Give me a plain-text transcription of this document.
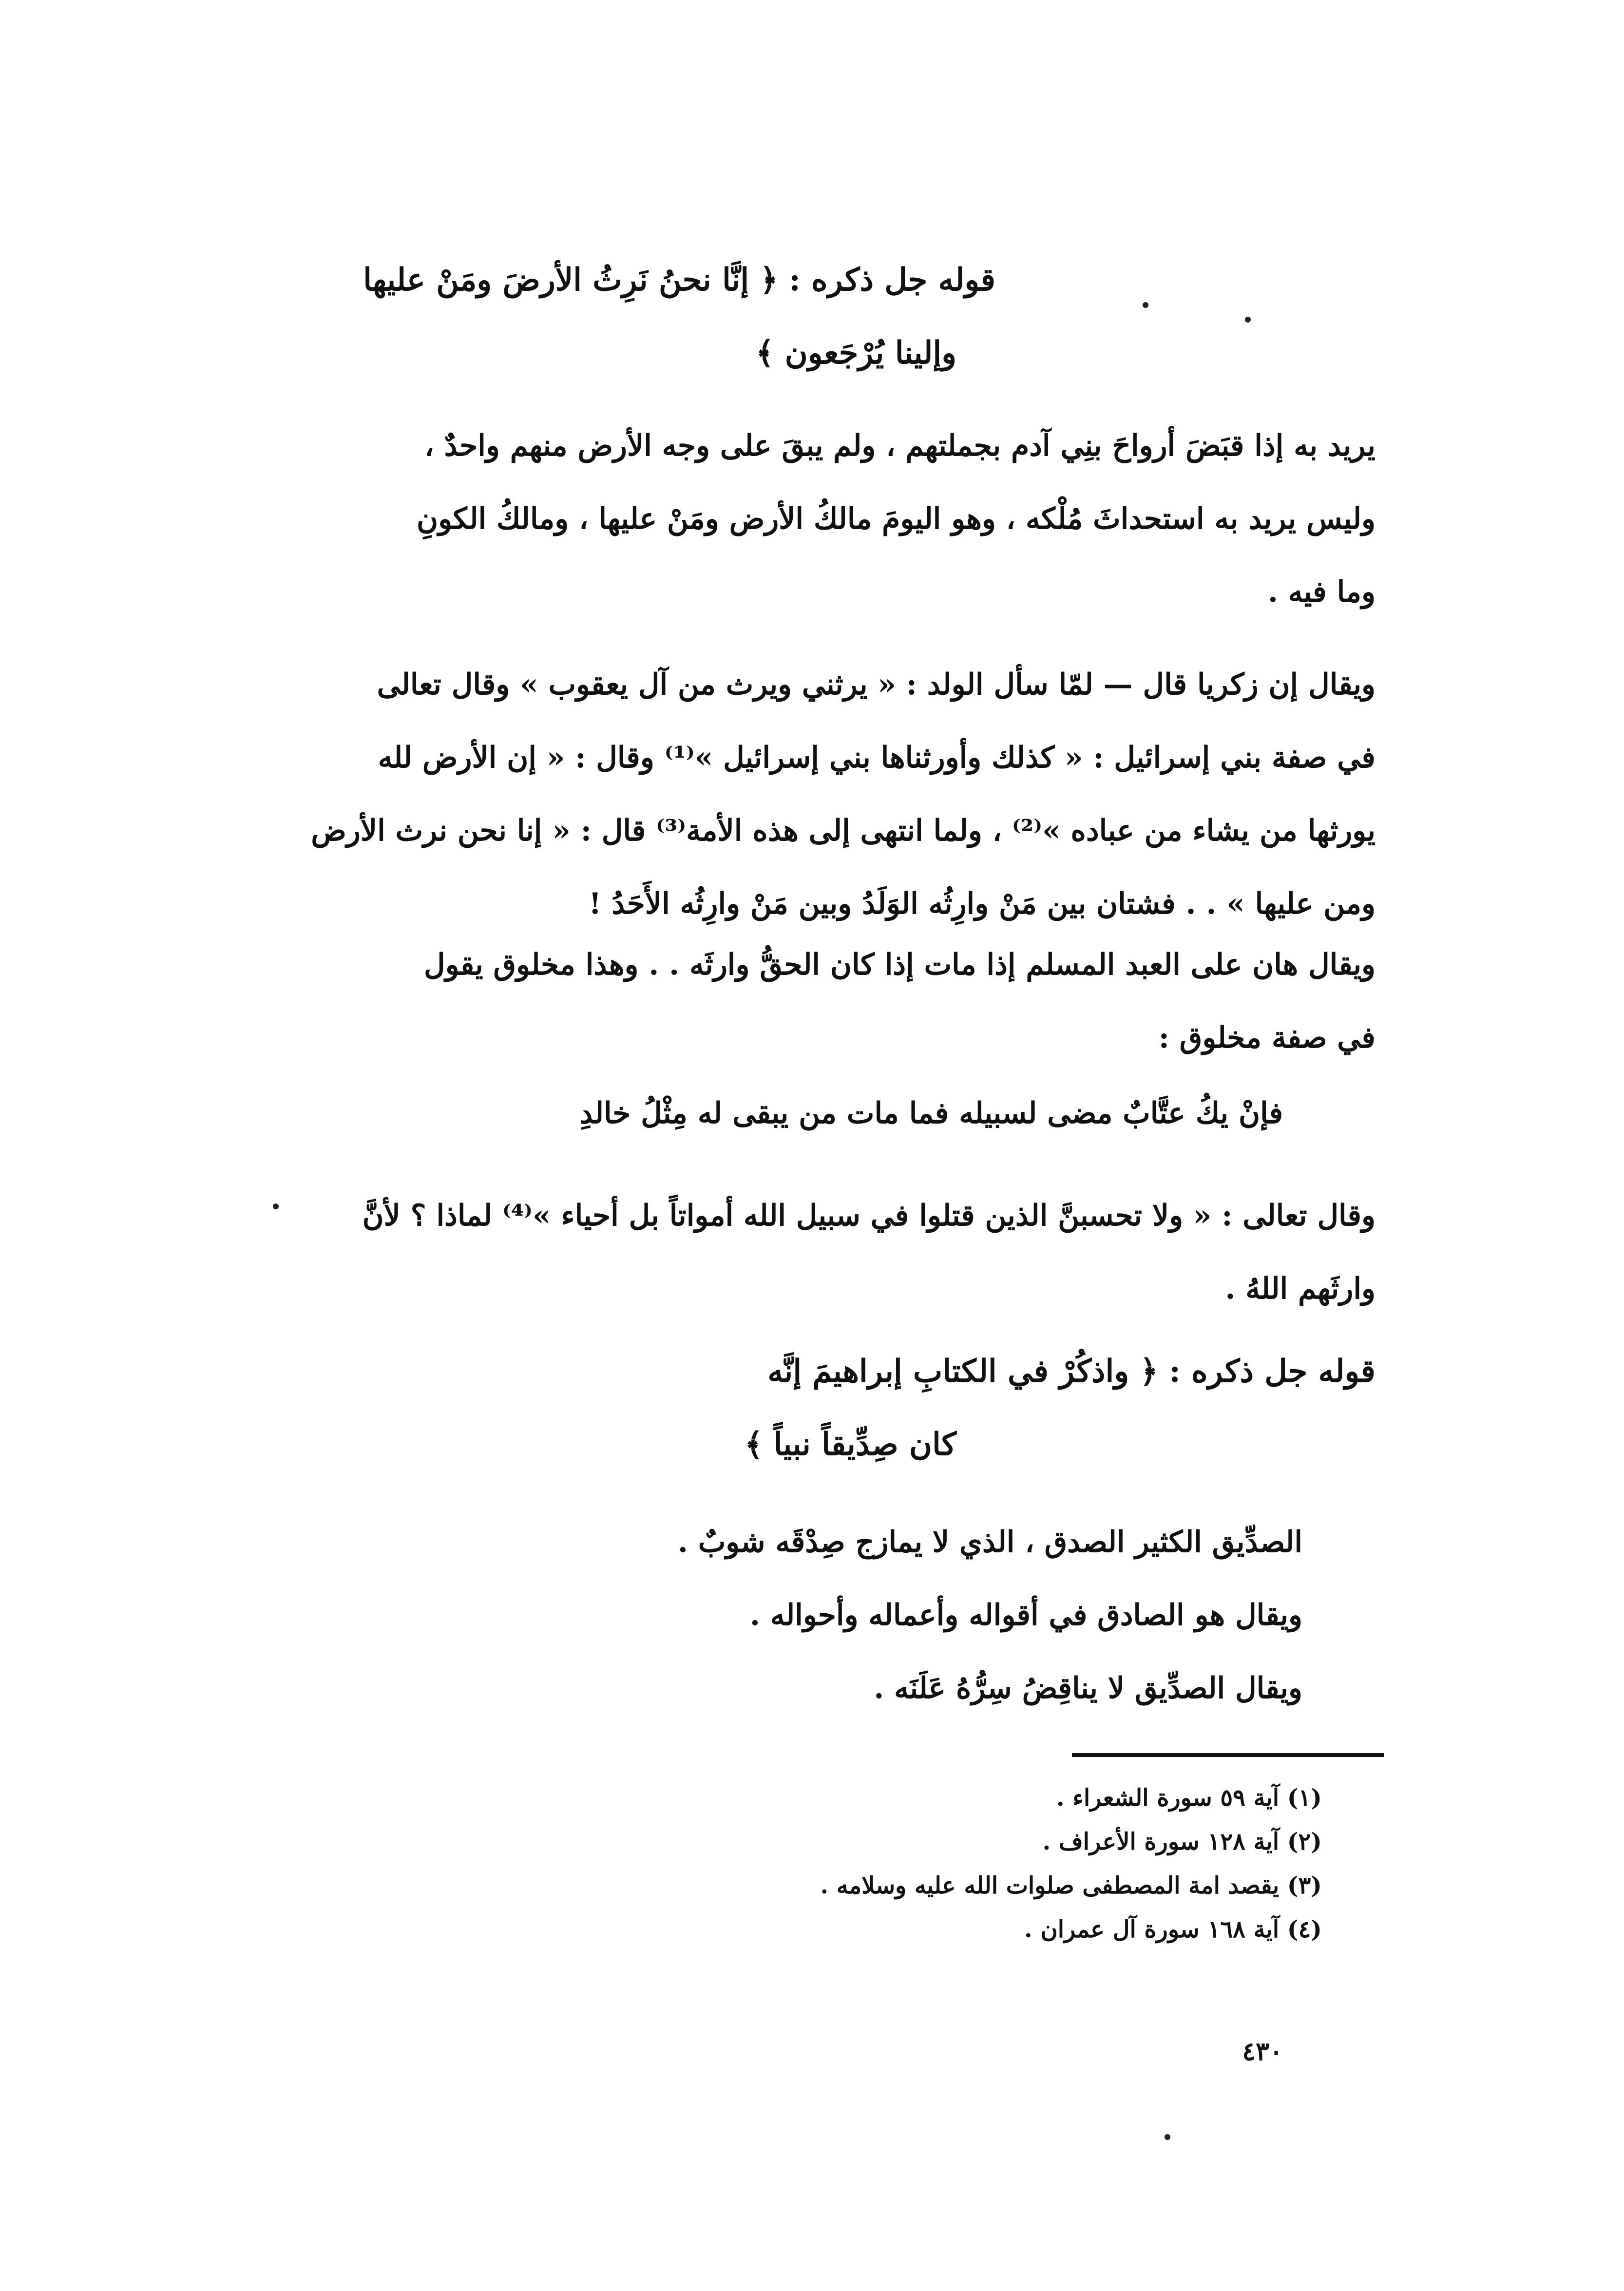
قوله جل ذكره : ﴿ إنَّا نحنُ نَرِثُ الأرضَ ومَنْ عليها
وإلينا يُرْجَعون ﴾
يريد به إذا قبَضَ أرواحَ بنِي آدم بجملتهم ، ولم يبقَ على وجه الأرض منهم واحدٌ ،
وليس يريد به استحداثَ مُلْكه ، وهو اليومَ مالكُ الأرض ومَنْ عليها ، ومالكُ الكونِ
وما فيه .
ويقال إن زكريا قال — لمّا سأل الولد : « يرثني ويرث من آل يعقوب » وقال تعالى
في صفة بني إسرائيل : « كذلك وأورثناها بني إسرائيل »⁽¹⁾ وقال : « إن الأرض لله
يورثها من يشاء من عباده »⁽²⁾ ، ولما انتهى إلى هذه الأمة⁽³⁾ قال : « إنا نحن نرث الأرض
ومن عليها » . . فشتان بين مَنْ وارِثُه الوَلَدُ وبين مَنْ وارِثُه الأَحَدُ !
ويقال هان على العبد المسلم إذا مات إذا كان الحقُّ وارثَه . . وهذا مخلوق يقول
في صفة مخلوق :
فإنْ يكُ عتَّابٌ مضى لسبيله فما مات من يبقى له مِثْلُ خالدِ
وقال تعالى : « ولا تحسبنَّ الذين قتلوا في سبيل الله أمواتاً بل أحياء »⁽⁴⁾ لماذا ؟ لأنَّ
وارثَهم اللهُ .
قوله جل ذكره : ﴿ واذكُرْ في الكتابِ إبراهيمَ إنَّه
كان صِدِّيقاً نبياً ﴾
الصدِّيق الكثير الصدق ، الذي لا يمازج صِدْقَه شوبٌ .
ويقال هو الصادق في أقواله وأعماله وأحواله .
ويقال الصدِّيق لا يناقِضُ سِرُّهُ عَلَنَه .
(١) آية ٥٩ سورة الشعراء .
(٢) آية ١٢٨ سورة الأعراف .
(٣) يقصد امة المصطفى صلوات الله عليه وسلامه .
(٤) آية ١٦٨ سورة آل عمران .
٤٣٠
